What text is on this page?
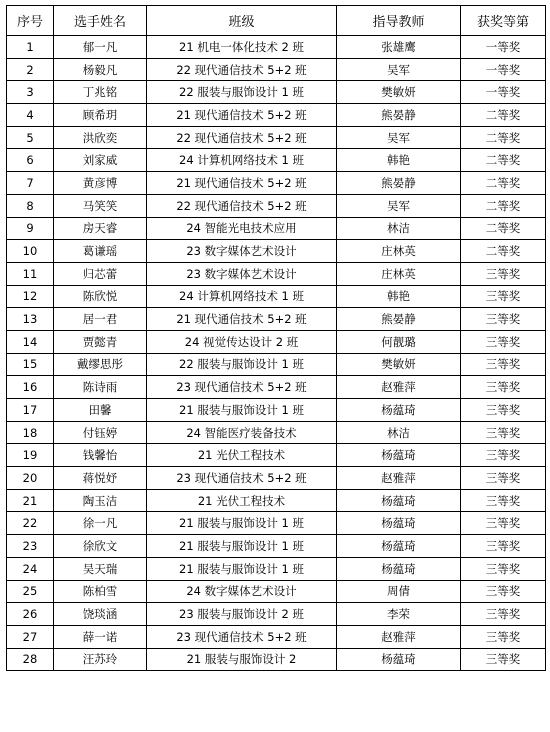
序号	选手姓名	班级	指导教师	获奖等第
1	郁一凡	21 机电一体化技术 2 班	张雄鹰	一等奖
2	杨毅凡	22 现代通信技术 5+2 班	吴军	一等奖
3	丁兆铭	22 服装与服饰设计 1 班	樊敏妍	一等奖
4	顾希玥	21 现代通信技术 5+2 班	熊晏静	二等奖
5	洪欣奕	22 现代通信技术 5+2 班	吴军	二等奖
6	刘家威	24 计算机网络技术 1 班	韩艳	二等奖
7	黄彦博	21 现代通信技术 5+2 班	熊晏静	二等奖
8	马笑笑	22 现代通信技术 5+2 班	吴军	二等奖
9	房天睿	24 智能光电技术应用	林洁	二等奖
10	葛谦瑶	23 数字媒体艺术设计	庄林英	二等奖
11	归芯蕾	23 数字媒体艺术设计	庄林英	三等奖
12	陈欣悦	24 计算机网络技术 1 班	韩艳	三等奖
13	居一君	21 现代通信技术 5+2 班	熊晏静	三等奖
14	贾懿青	24 视觉传达设计 2 班	何靓璐	三等奖
15	戴缪思彤	22 服装与服饰设计 1 班	樊敏妍	三等奖
16	陈诗雨	23 现代通信技术 5+2 班	赵雅萍	三等奖
17	田馨	21 服装与服饰设计 1 班	杨蕴琦	三等奖
18	付钰婷	24 智能医疗装备技术	林洁	三等奖
19	钱馨怡	21 光伏工程技术	杨蕴琦	三等奖
20	蒋悦妤	23 现代通信技术 5+2 班	赵雅萍	三等奖
21	陶玉洁	21 光伏工程技术	杨蕴琦	三等奖
22	徐一凡	21 服装与服饰设计 1 班	杨蕴琦	三等奖
23	徐欣文	21 服装与服饰设计 1 班	杨蕴琦	三等奖
24	吴天瑞	21 服装与服饰设计 1 班	杨蕴琦	三等奖
25	陈柏雪	24 数字媒体艺术设计	周倩	三等奖
26	饶琰涵	23 服装与服饰设计 2 班	李荣	三等奖
27	薛一诺	23 现代通信技术 5+2 班	赵雅萍	三等奖
28	汪苏玲	21 服装与服饰设计 2	杨蕴琦	三等奖
